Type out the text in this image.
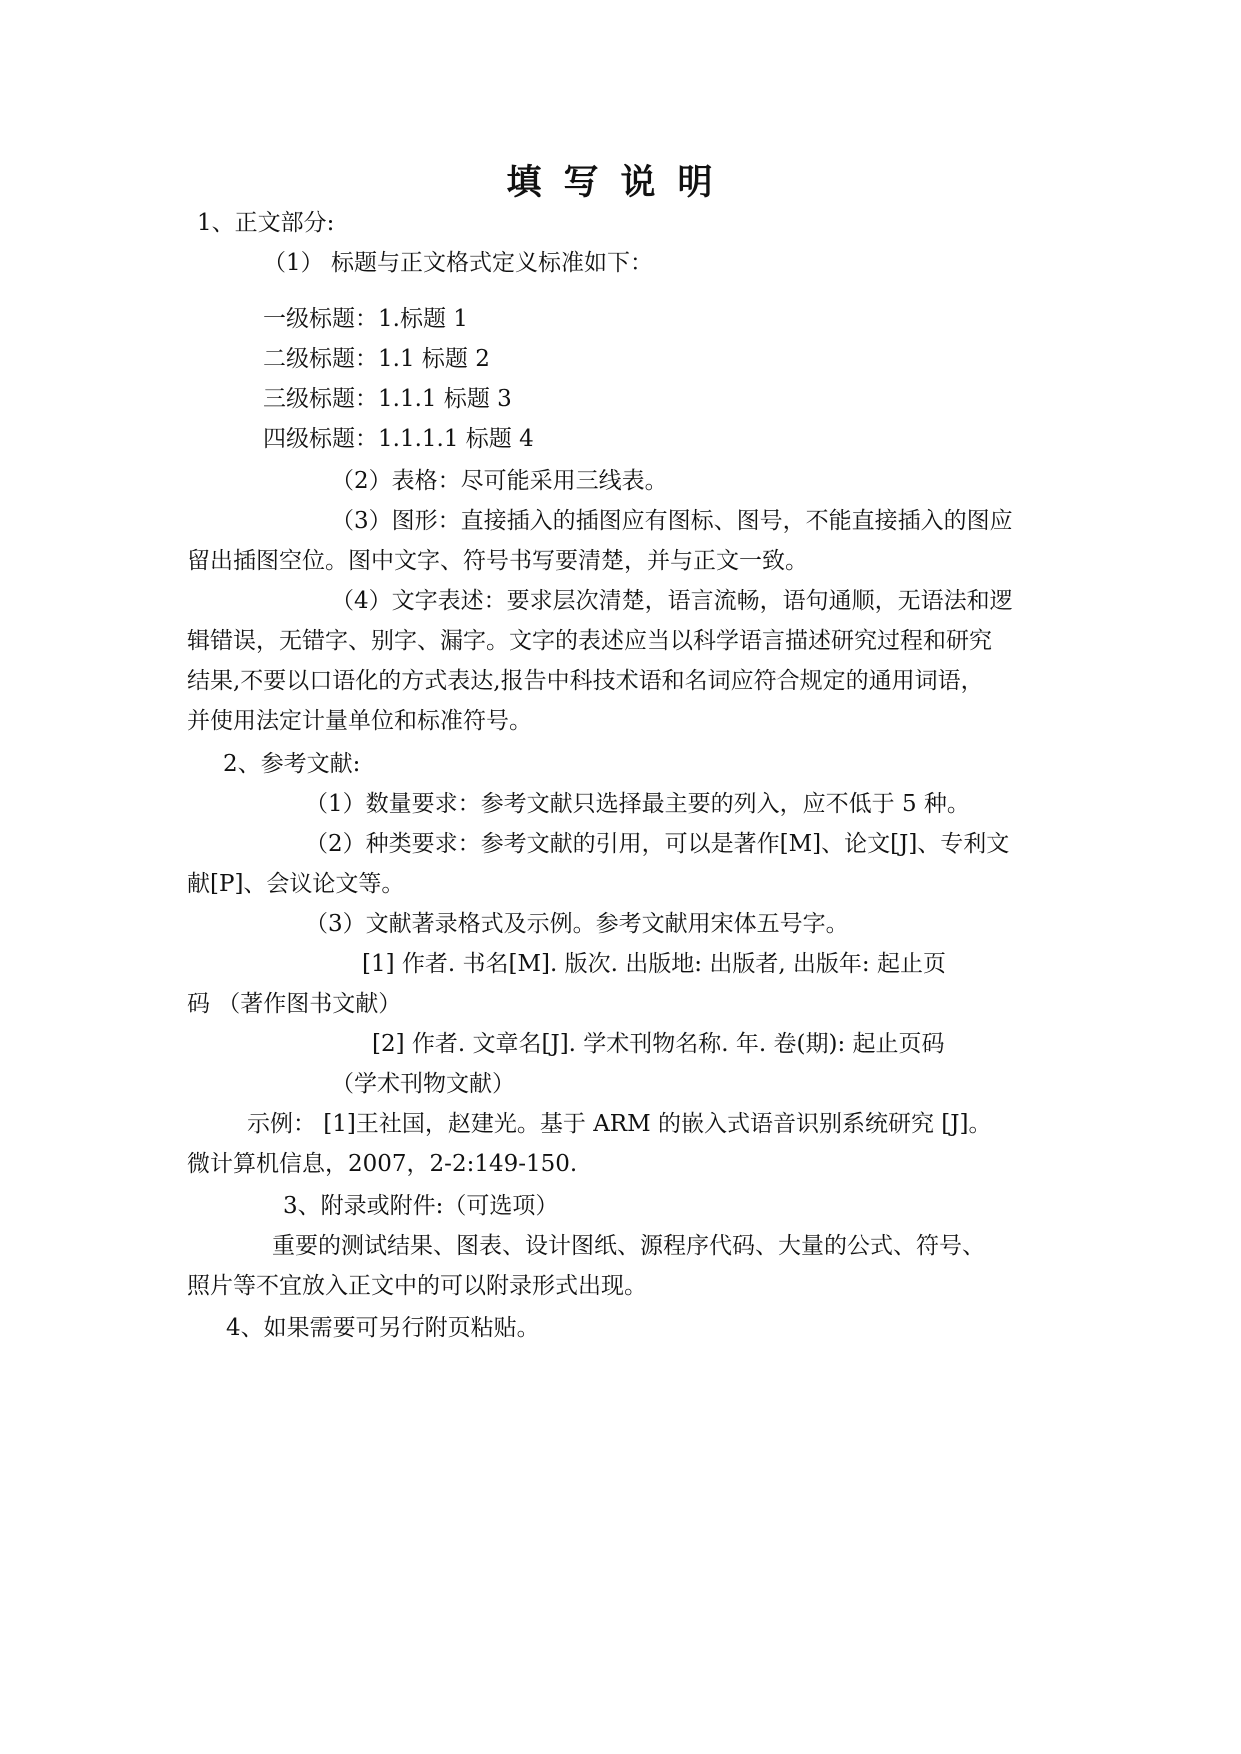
填写说明
1、正文部分:
（1） 标题与正文格式定义标准如下：
一级标题：1.标题 1
二级标题：1.1 标题 2
三级标题：1.1.1 标题 3
四级标题：1.1.1.1 标题 4
（2）表格：尽可能采用三线表。
（3）图形：直接插入的插图应有图标、图号，不能直接插入的图应
留出插图空位。图中文字、符号书写要清楚，并与正文一致。
（4）文字表述：要求层次清楚，语言流畅，语句通顺，无语法和逻
辑错误，无错字、别字、漏字。文字的表述应当以科学语言描述研究过程和研究
结果,不要以口语化的方式表达,报告中科技术语和名词应符合规定的通用词语，
并使用法定计量单位和标准符号。
2、参考文献:
（1）数量要求：参考文献只选择最主要的列入，应不低于 5 种。
（2）种类要求：参考文献的引用，可以是著作[M]、论文[J]、专利文
献[P]、会议论文等。
（3）文献著录格式及示例。参考文献用宋体五号字。
[1] 作者. 书名[M]. 版次. 出版地: 出版者, 出版年: 起止页
码 （著作图书文献）
[2] 作者. 文章名[J]. 学术刊物名称. 年. 卷(期): 起止页码
（学术刊物文献）
示例： [1]王社国，赵建光。基于 ARM 的嵌入式语音识别系统研究 [J]。
微计算机信息，2007，2-2:149-150.
3、附录或附件:（可选项）
重要的测试结果、图表、设计图纸、源程序代码、大量的公式、符号、
照片等不宜放入正文中的可以附录形式出现。
4、如果需要可另行附页粘贴。
